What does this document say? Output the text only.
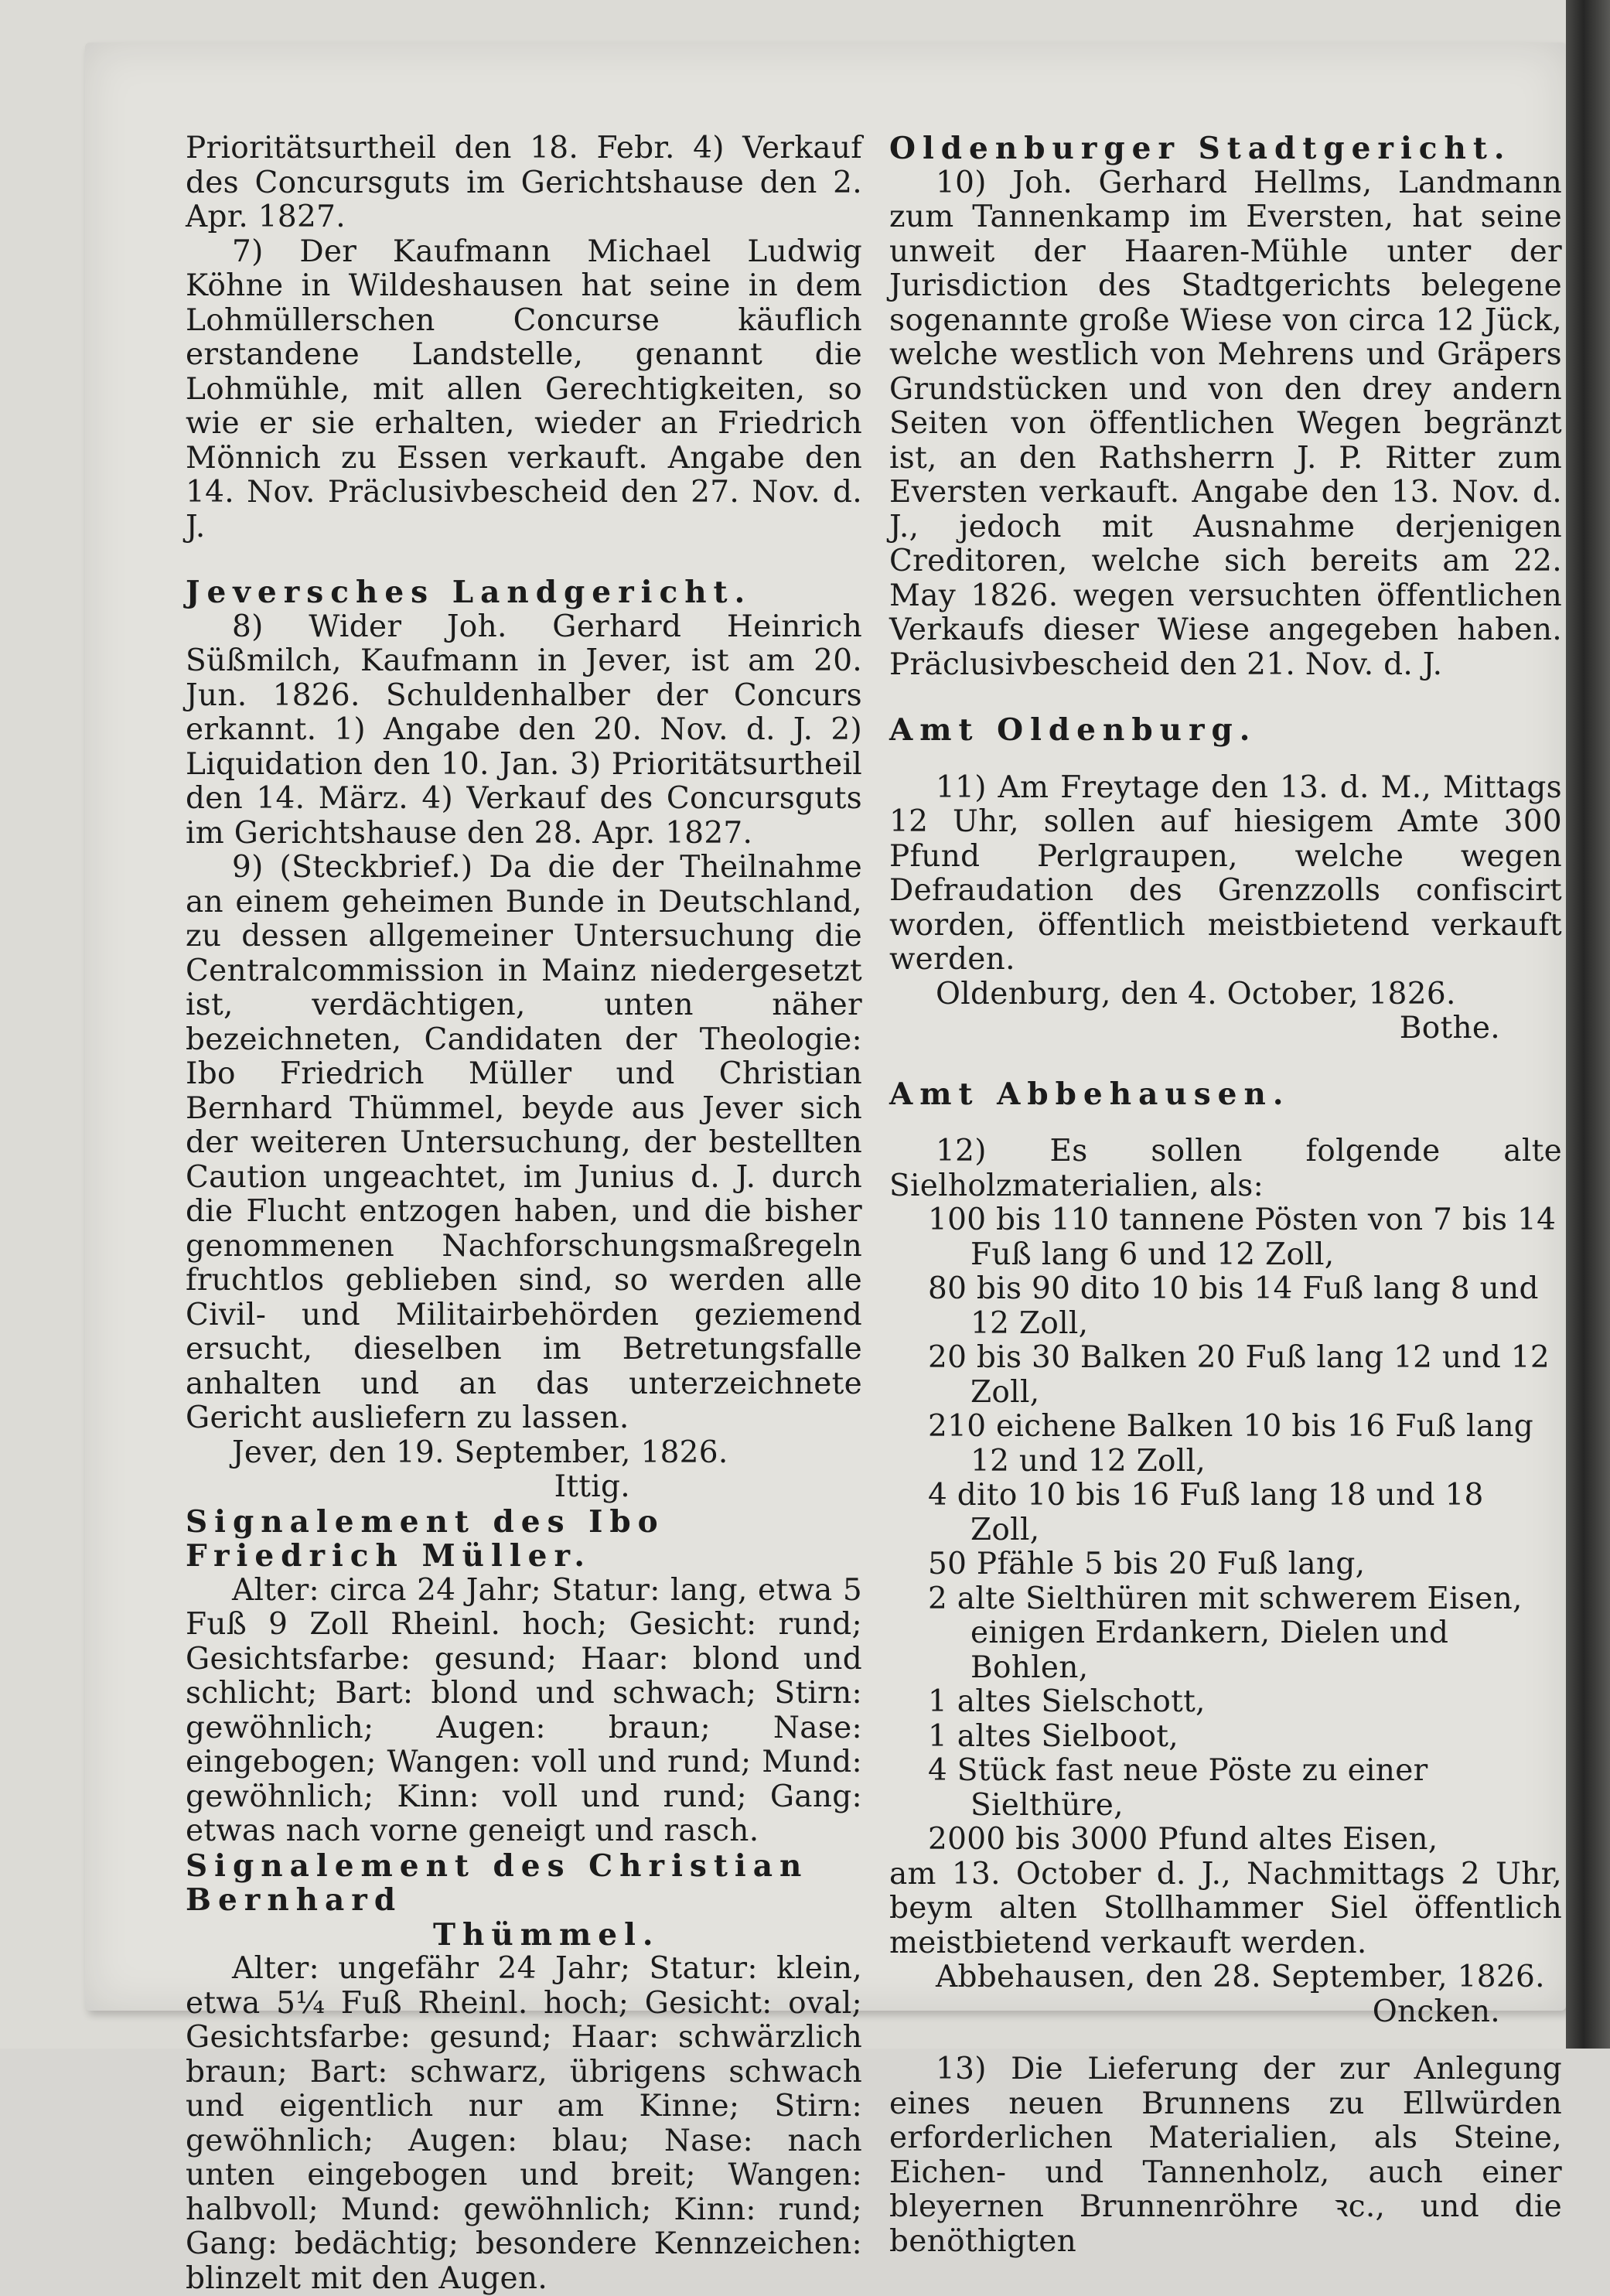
Prioritätsurtheil den 18. Febr. 4) Verkauf des Concursguts im Gerichtshause den 2. Apr. 1827.

7) Der Kaufmann Michael Ludwig Köhne in Wildeshausen hat seine in dem Lohmüllerschen Concurse käuflich erstandene Landstelle, genannt die Lohmühle, mit allen Gerechtigkeiten, so wie er sie erhalten, wieder an Friedrich Mönnich zu Essen verkauft. Angabe den 14. Nov. Präclusivbescheid den 27. Nov. d. J.

Jeversches Landgericht.

8) Wider Joh. Gerhard Heinrich Süßmilch, Kaufmann in Jever, ist am 20. Jun. 1826. Schuldenhalber der Concurs erkannt. 1) Angabe den 20. Nov. d. J. 2) Liquidation den 10. Jan. 3) Prioritätsurtheil den 14. März. 4) Verkauf des Concursguts im Gerichtshause den 28. Apr. 1827.

9) (Steckbrief.) Da die der Theilnahme an einem geheimen Bunde in Deutschland, zu dessen allgemeiner Untersuchung die Centralcommission in Mainz niedergesetzt ist, verdächtigen, unten näher bezeichneten, Candidaten der Theologie: Ibo Friedrich Müller und Christian Bernhard Thümmel, beyde aus Jever sich der weiteren Untersuchung, der bestellten Caution ungeachtet, im Junius d. J. durch die Flucht entzogen haben, und die bisher genommenen Nachforschungsmaßregeln fruchtlos geblieben sind, so werden alle Civil- und Militairbehörden geziemend ersucht, dieselben im Betretungsfalle anhalten und an das unterzeichnete Gericht ausliefern zu lassen.

Jever, den 19. September, 1826.

Ittig.

Signalement des Ibo Friedrich Müller.

Alter: circa 24 Jahr; Statur: lang, etwa 5 Fuß 9 Zoll Rheinl. hoch; Gesicht: rund; Gesichtsfarbe: gesund; Haar: blond und schlicht; Bart: blond und schwach; Stirn: gewöhnlich; Augen: braun; Nase: eingebogen; Wangen: voll und rund; Mund: gewöhnlich; Kinn: voll und rund; Gang: etwas nach vorne geneigt und rasch.

Signalement des Christian Bernhard

Thümmel.

Alter: ungefähr 24 Jahr; Statur: klein, etwa 5¼ Fuß Rheinl. hoch; Gesicht: oval; Gesichtsfarbe: gesund; Haar: schwärzlich braun; Bart: schwarz, übrigens schwach und eigentlich nur am Kinne; Stirn: gewöhnlich; Augen: blau; Nase: nach unten eingebogen und breit; Wangen: halbvoll; Mund: gewöhnlich; Kinn: rund; Gang: bedächtig; besondere Kennzeichen: blinzelt mit den Augen.

Oldenburger Stadtgericht.

10) Joh. Gerhard Hellms, Landmann zum Tannenkamp im Eversten, hat seine unweit der Haaren-Mühle unter der Jurisdiction des Stadtgerichts belegene sogenannte große Wiese von circa 12 Jück, welche westlich von Mehrens und Gräpers Grundstücken und von den drey andern Seiten von öffentlichen Wegen begränzt ist, an den Rathsherrn J. P. Ritter zum Eversten verkauft. Angabe den 13. Nov. d. J., jedoch mit Ausnahme derjenigen Creditoren, welche sich bereits am 22. May 1826. wegen versuchten öffentlichen Verkaufs dieser Wiese angegeben haben. Präclusivbescheid den 21. Nov. d. J.

Amt Oldenburg.

11) Am Freytage den 13. d. M., Mittags 12 Uhr, sollen auf hiesigem Amte 300 Pfund Perlgraupen, welche wegen Defraudation des Grenzzolls confiscirt worden, öffentlich meistbietend verkauft werden.

Oldenburg, den 4. October, 1826.

Bothe.

Amt Abbehausen.

12) Es sollen folgende alte Sielholzmaterialien, als:

100 bis 110 tannene Pösten von 7 bis 14 Fuß lang 6 und 12 Zoll,

80 bis 90 dito 10 bis 14 Fuß lang 8 und 12 Zoll,

20 bis 30 Balken 20 Fuß lang 12 und 12 Zoll,

210 eichene Balken 10 bis 16 Fuß lang 12 und 12 Zoll,

4 dito 10 bis 16 Fuß lang 18 und 18 Zoll,

50 Pfähle 5 bis 20 Fuß lang,

2 alte Sielthüren mit schwerem Eisen, einigen Erdankern, Dielen und Bohlen,

1 altes Sielschott,

1 altes Sielboot,

4 Stück fast neue Pöste zu einer Sielthüre,

2000 bis 3000 Pfund altes Eisen,

am 13. October d. J., Nachmittags 2 Uhr, beym alten Stollhammer Siel öffentlich meistbietend verkauft werden.

Abbehausen, den 28. September, 1826.

Oncken.

13) Die Lieferung der zur Anlegung eines neuen Brunnens zu Ellwürden erforderlichen Materialien, als Steine, Eichen- und Tannenholz, auch einer bleyernen Brunnenröhre ꝛc., und die benöthigten
